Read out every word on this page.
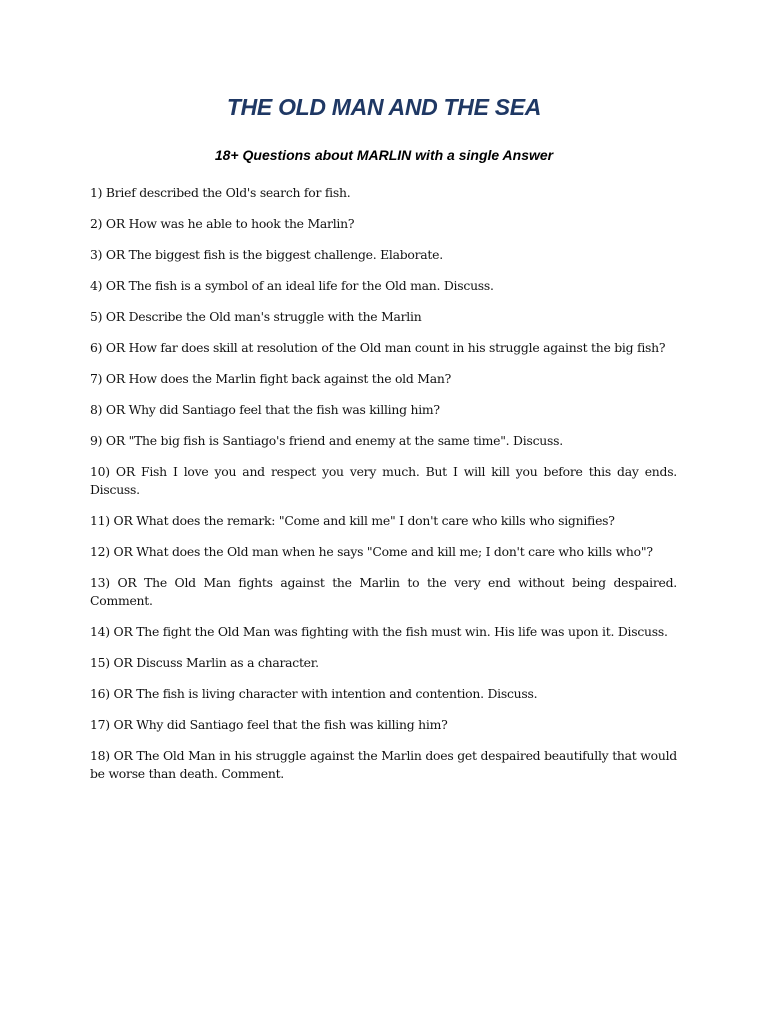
THE OLD MAN AND THE SEA
18+ Questions about MARLIN with a single Answer
1) Brief described the Old's search for fish.
2) OR How was he able to hook the Marlin?
3) OR The biggest fish is the biggest challenge. Elaborate.
4) OR The fish is a symbol of an ideal life for the Old man. Discuss.
5) OR Describe the Old man's struggle with the Marlin
6) OR How far does skill at resolution of the Old man count in his struggle against the big fish?
7) OR How does the Marlin fight back against the old Man?
8) OR Why did Santiago feel that the fish was killing him?
9) OR "The big fish is Santiago's friend and enemy at the same time". Discuss.
10) OR Fish I love you and respect you very much. But I will kill you before this day ends. Discuss.
11) OR What does the remark: "Come and kill me" I don't care who kills who signifies?
12) OR What does the Old man when he says "Come and kill me; I don't care who kills who"?
13) OR The Old Man fights against the Marlin to the very end without being despaired. Comment.
14) OR The fight the Old Man was fighting with the fish must win. His life was upon it. Discuss.
15) OR Discuss Marlin as a character.
16) OR The fish is living character with intention and contention. Discuss.
17) OR Why did Santiago feel that the fish was killing him?
18) OR The Old Man in his struggle against the Marlin does get despaired beautifully that would be worse than death. Comment.
